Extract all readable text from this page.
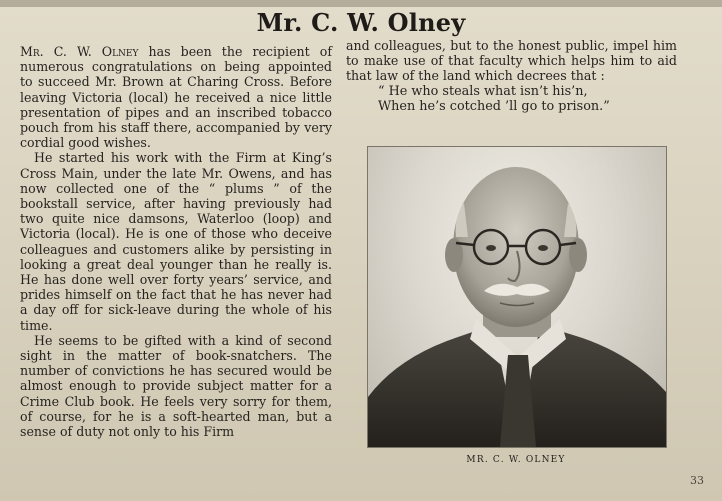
Mr. C. W. Olney

Mr. C. W. Olney has been the recipient of numerous congratulations on being appointed to succeed Mr. Brown at Charing Cross. Before leaving Victoria (local) he received a nice little presentation of pipes and an inscribed tobacco pouch from his staff there, accompanied by very cordial good wishes.

He started his work with the Firm at King’s Cross Main, under the late Mr. Owens, and has now collected one of the “ plums ” of the bookstall service, after having previously had two quite nice damsons, Waterloo (loop) and Victoria (local). He is one of those who deceive colleagues and customers alike by persisting in looking a great deal younger than he really is. He has done well over forty years’ service, and prides himself on the fact that he has never had a day off for sick-leave during the whole of his time.

He seems to be gifted with a kind of second sight in the matter of book-snatchers. The number of convictions he has secured would be almost enough to provide subject matter for a Crime Club book. He feels very sorry for them, of course, for he is a soft-hearted man, but a sense of duty not only to his Firm

and colleagues, but to the honest public, impel him to make use of that faculty which helps him to aid that law of the land which decrees that :

“ He who steals what isn’t his’n,
When he’s cotched ’ll go to prison.”
MR. C. W. OLNEY
33
